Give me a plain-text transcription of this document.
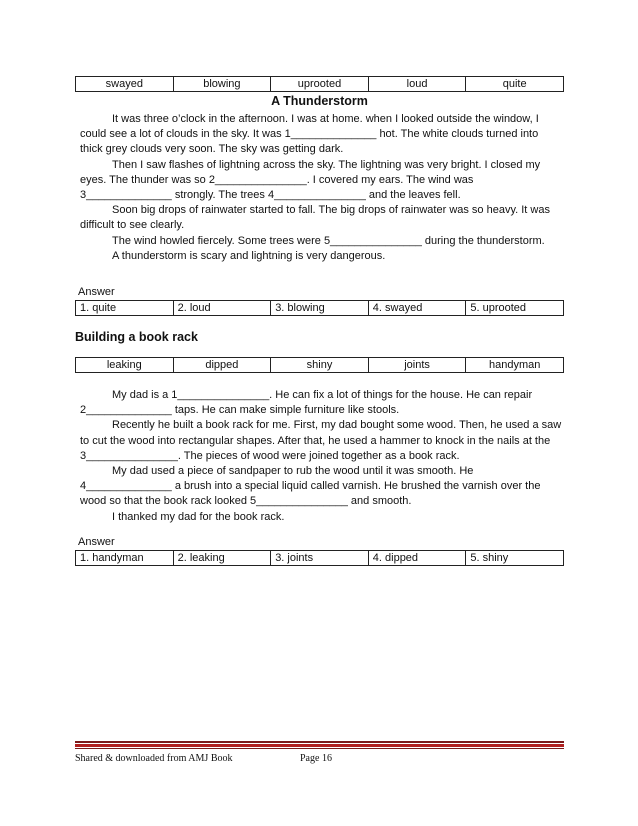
swayed	blowing	uprooted	loud	quite
A Thunderstorm

It was three o’clock in the afternoon. I was at home. when I looked outside the window, I could see a lot of clouds in the sky. It was 1______________ hot. The white clouds turned into thick grey clouds very soon. The sky was getting dark.

Then I saw flashes of lightning across the sky. The lightning was very bright. I closed my eyes. The thunder was so 2_______________. I covered my ears. The wind was 3______________ strongly. The trees 4_______________ and the leaves fell.

Soon big drops of rainwater started to fall. The big drops of rainwater was so heavy. It was difficult to see clearly.

The wind howled fiercely. Some trees were 5_______________ during the thunderstorm.

A thunderstorm is scary and lightning is very dangerous.

Answer
1. quite	2. loud	3. blowing	4. swayed	5. uprooted
Building a book rack
leaking	dipped	shiny	joints	handyman

My dad is a 1_______________. He can fix a lot of things for the house. He can repair 2______________ taps. He can make simple furniture like stools.

Recently he built a book rack for me. First, my dad bought some wood. Then, he used a saw to cut the wood into rectangular shapes. After that, he used a hammer to knock in the nails at the 3_______________. The pieces of wood were joined together as a book rack.

My dad used a piece of sandpaper to rub the wood until it was smooth. He 4______________ a brush into a special liquid called varnish. He brushed the varnish over the wood so that the book rack looked 5_______________ and smooth.

I thanked my dad for the book rack.

Answer
1. handyman	2. leaking	3. joints	4. dipped	5. shiny
Shared & downloaded from AMJ Book	Page 16
